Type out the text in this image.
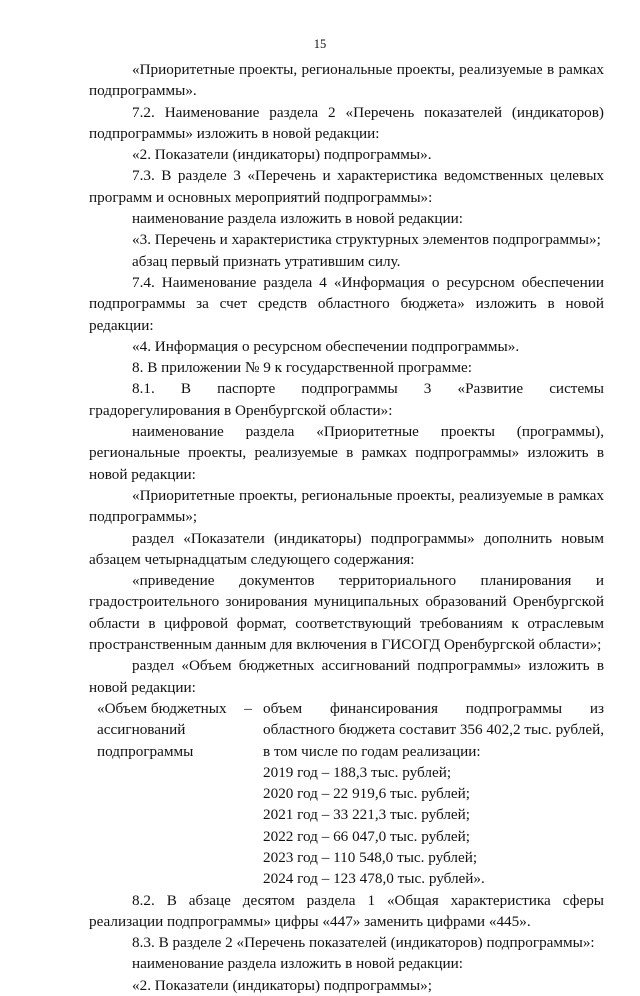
15

«Приоритетные проекты, региональные проекты, реализуемые в рамках подпрограммы».

7.2. Наименование раздела 2 «Перечень показателей (индикаторов) подпрограммы» изложить в новой редакции:

«2. Показатели (индикаторы) подпрограммы».

7.3. В разделе 3 «Перечень и характеристика ведомственных целевых программ и основных мероприятий подпрограммы»:

наименование раздела изложить в новой редакции:

«3. Перечень и характеристика структурных элементов подпрограммы»;

абзац первый признать утратившим силу.

7.4. Наименование раздела 4 «Информация о ресурсном обеспечении подпрограммы за счет средств областного бюджета» изложить в новой редакции:

«4. Информация о ресурсном обеспечении подпрограммы».

8. В приложении № 9 к государственной программе:

8.1. В паспорте подпрограммы 3 «Развитие системы градорегулирования в Оренбургской области»:

наименование раздела «Приоритетные проекты (программы), региональные проекты, реализуемые в рамках подпрограммы» изложить в новой редакции:

«Приоритетные проекты, региональные проекты, реализуемые в рамках подпрограммы»;

раздел «Показатели (индикаторы) подпрограммы» дополнить новым абзацем четырнадцатым следующего содержания:

«приведение документов территориального планирования и градостроительного зонирования муниципальных образований Оренбургской области в цифровой формат, соответствующий требованиям к отраслевым пространственным данным для включения в ГИСОГД Оренбургской области»;

раздел «Объем бюджетных ассигнований подпрограммы» изложить в новой редакции:

«Объем бюджетных
ассигнований
подпрограммы
– объем финансирования подпрограммы из областного бюджета составит 356 402,2 тыс. рублей, в том числе по годам реализации:
2019 год – 188,3 тыс. рублей;
2020 год – 22 919,6 тыс. рублей;
2021 год – 33 221,3 тыс. рублей;
2022 год – 66 047,0 тыс. рублей;
2023 год – 110 548,0 тыс. рублей;
2024 год – 123 478,0 тыс. рублей».

8.2. В абзаце десятом раздела 1 «Общая характеристика сферы реализации подпрограммы» цифры «447» заменить цифрами «445».

8.3. В разделе 2 «Перечень показателей (индикаторов) подпрограммы»:

наименование раздела изложить в новой редакции:

«2. Показатели (индикаторы) подпрограммы»;
